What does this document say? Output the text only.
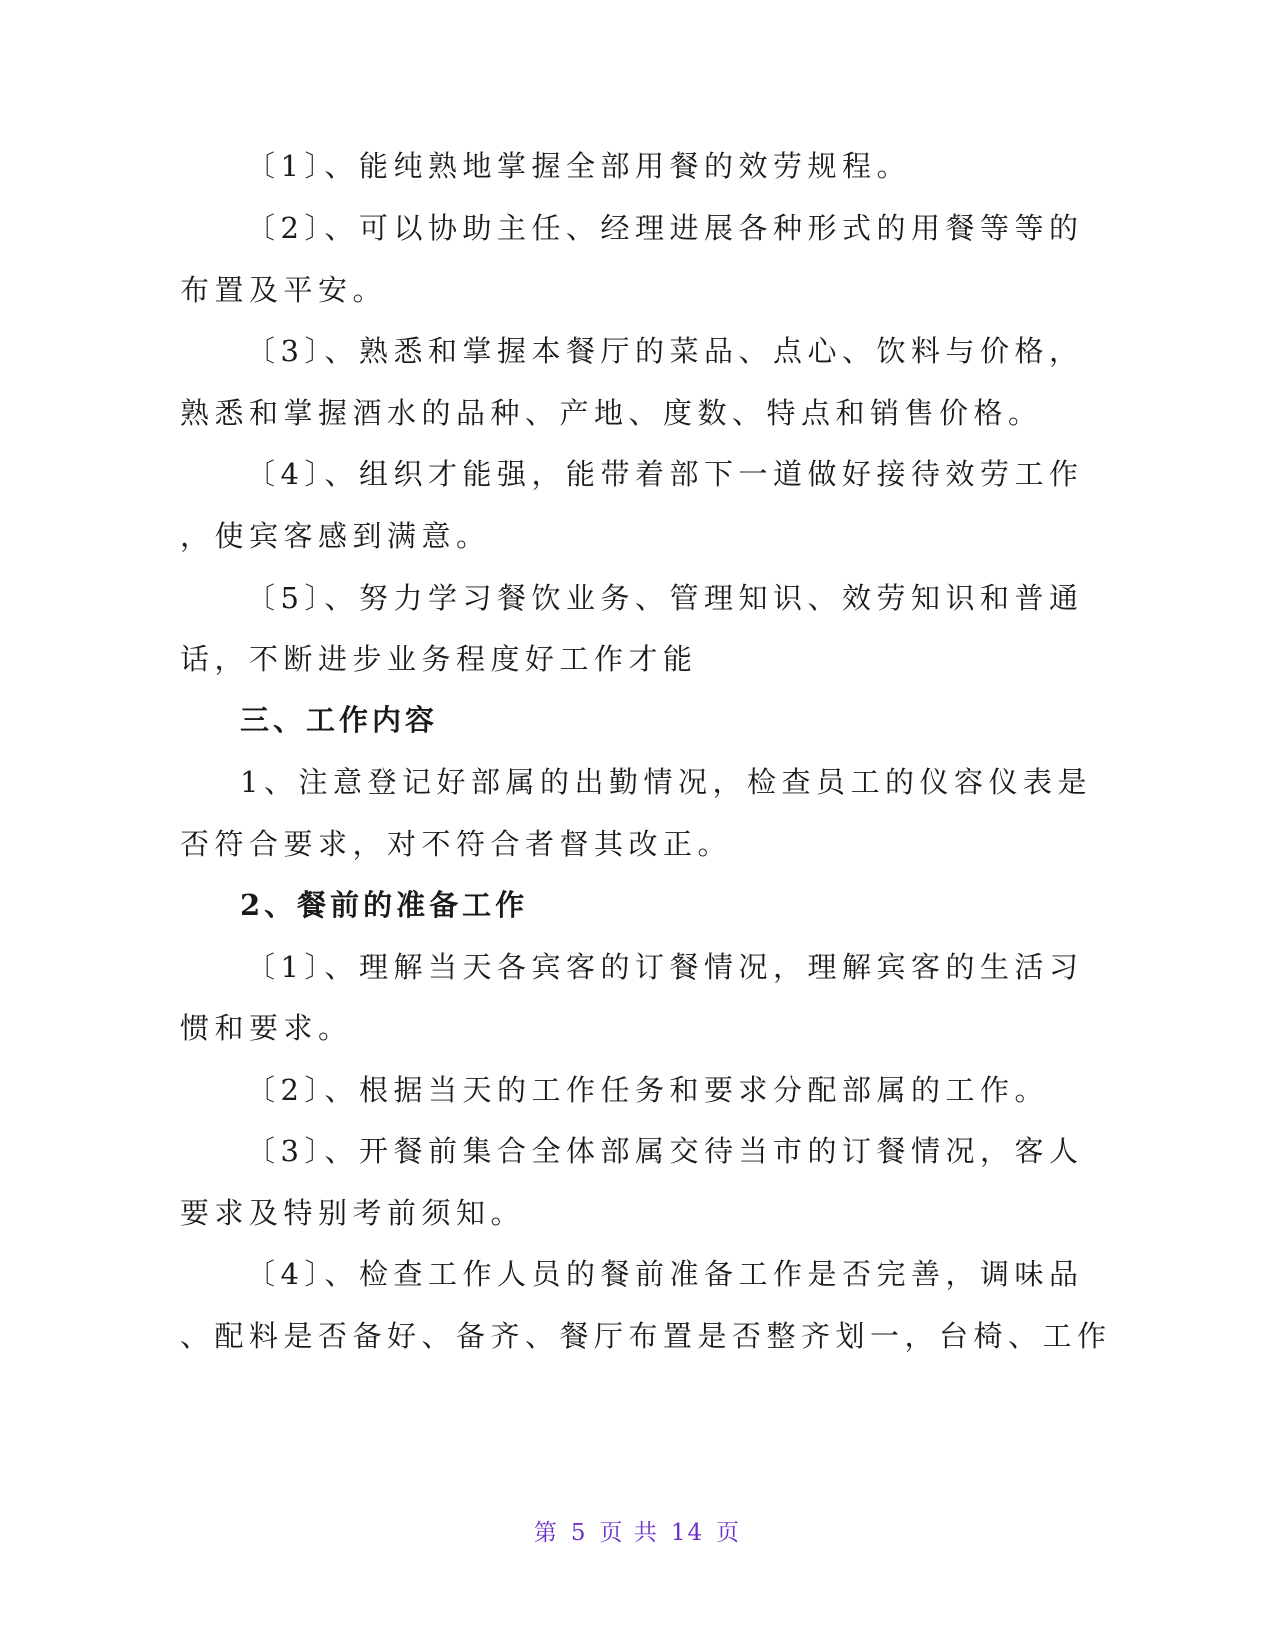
〔1〕、能纯熟地掌握全部用餐的效劳规程。
〔2〕、可以协助主任、经理进展各种形式的用餐等等的
布置及平安。
〔3〕、熟悉和掌握本餐厅的菜品、点心、饮料与价格，
熟悉和掌握酒水的品种、产地、度数、特点和销售价格。
〔4〕、组织才能强，能带着部下一道做好接待效劳工作
，使宾客感到满意。
〔5〕、努力学习餐饮业务、管理知识、效劳知识和普通
话，不断进步业务程度好工作才能
三、工作内容
1、注意登记好部属的出勤情况，检查员工的仪容仪表是
否符合要求，对不符合者督其改正。
2、餐前的准备工作
〔1〕、理解当天各宾客的订餐情况，理解宾客的生活习
惯和要求。
〔2〕、根据当天的工作任务和要求分配部属的工作。
〔3〕、开餐前集合全体部属交待当市的订餐情况，客人
要求及特别考前须知。
〔4〕、检查工作人员的餐前准备工作是否完善，调味品
、配料是否备好、备齐、餐厅布置是否整齐划一，台椅、工作
第 5 页 共 14 页
